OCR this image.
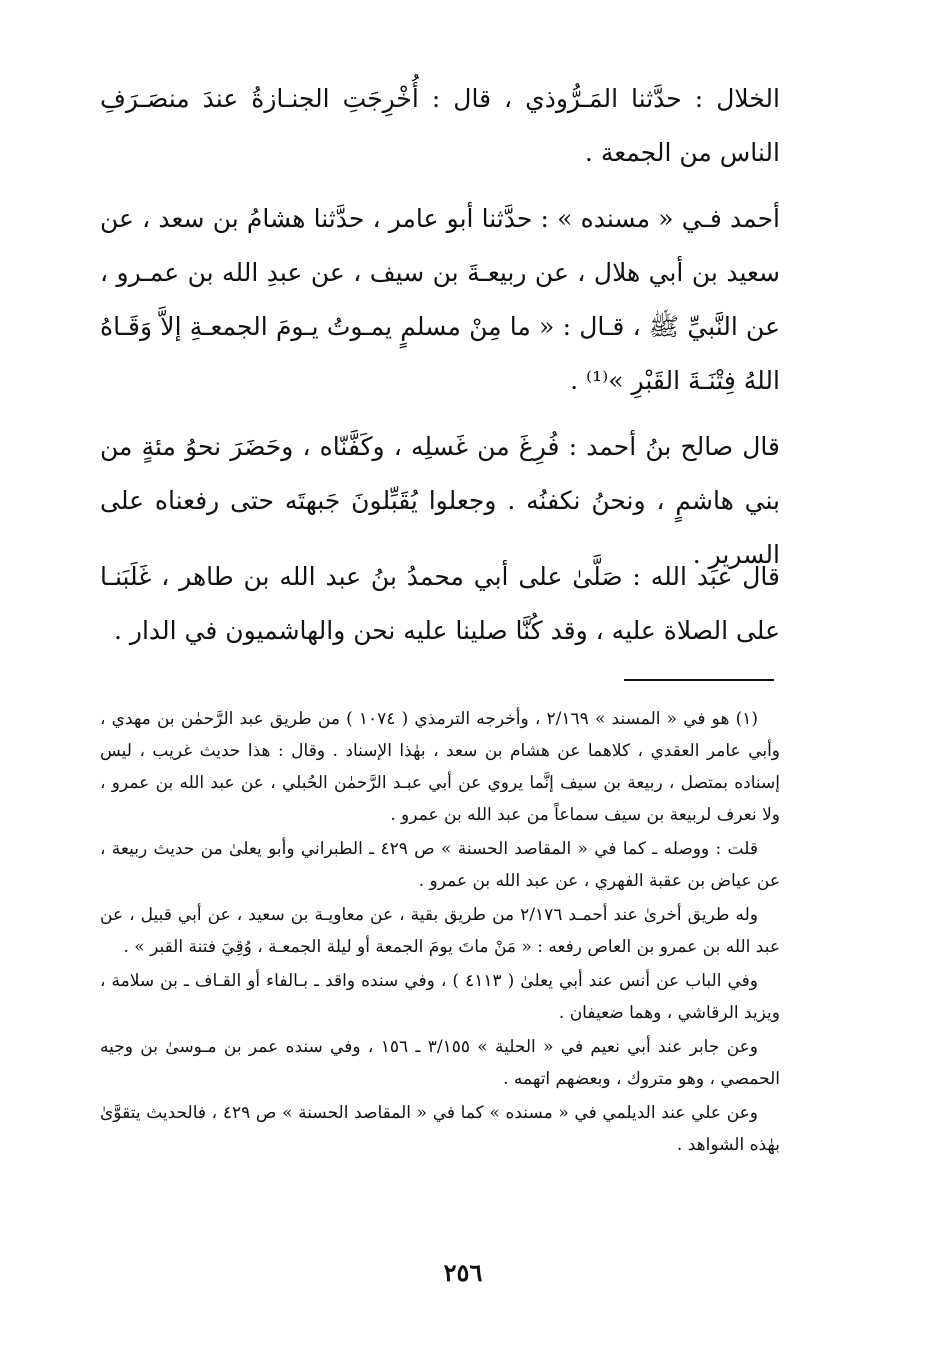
الخلال : حدَّثنا المَـرُّوذي ، قال : أُخْرِجَتِ الجنـازةُ عندَ منصَـرَفِ الناس من الجمعة .

أحمد فـي « مسنده » : حدَّثنا أبو عامر ، حدَّثنا هشامُ بن سعد ، عن سعيد بن أبي هلال ، عن ربيعـةَ بن سيف ، عن عبدِ الله بن عمـرو ، عن النَّبيِّ ﷺ ، قـال : « ما مِنْ مسلمٍ يمـوتُ يـومَ الجمعـةِ إلاَّ وَقَـاهُ اللهُ فِتْنَـةَ القَبْرِ »⁽¹⁾ .

قال صالح بنُ أحمد : فُرِغَ من غَسلِه ، وكَفَّنّاه ، وحَضَرَ نحوُ مئةٍ من بني هاشمٍ ، ونحنُ نكفنُه . وجعلوا يُقَبِّلونَ جَبهتَه حتى رفعناه على السريرِ .

قال عبد الله : صَلَّىٰ على أبي محمدُ بنُ عبد الله بن طاهر ، غَلَبَنـا على الصلاة عليه ، وقد كُنَّا صلينا عليه نحن والهاشميون في الدار .

(١) هو في « المسند » ٢/١٦٩ ، وأخرجه الترمذي ( ١٠٧٤ ) من طريق عبد الرَّحمٰن بن مهدي ، وأبي عامر العقدي ، كلاهما عن هشام بن سعد ، بهٰذا الإسناد . وقال : هذا حديث غريب ، ليس إسناده بمتصل ، ربيعة بن سيف إنَّما يروي عن أبي عبـد الرَّحمٰن الحُبلي ، عن عبد الله بن عمرو ، ولا نعرف لربيعة بن سيف سماعاً من عبد الله بن عمرو .

قلت : ووصله ـ كما في « المقاصد الحسنة » ص ٤٢٩ ـ الطبراني وأبو يعلىٰ من حديث ربيعة ، عن عياض بن عقبة الفهري ، عن عبد الله بن عمرو .

وله طريق أخرىٰ عند أحمـد ٢/١٧٦ من طريق بقية ، عن معاويـة بن سعيد ، عن أبي قبيل ، عن عبد الله بن عمرو بن العاص رفعه : « مَنْ ماتَ يومَ الجمعة أو ليلة الجمعـة ، وُقِيَ فتنة القبر » .

وفي الباب عن أنس عند أبي يعلىٰ ( ٤١١٣ ) ، وفي سنده واقد ـ بـالفاء أو القـاف ـ بن سلامة ، ويزيد الرقاشي ، وهما ضعيفان .

وعن جابر عند أبي نعيم في « الحلية » ٣/١٥٥ ـ ١٥٦ ، وفي سنده عمر بن مـوسىٰ بن وجيه الحمصي ، وهو متروك ، وبعضهم اتهمه .

وعن علي عند الديلمي في « مسنده » كما في « المقاصد الحسنة » ص ٤٢٩ ، فالحديث يتقوَّىٰ بهٰذه الشواهد .

٢٥٦
